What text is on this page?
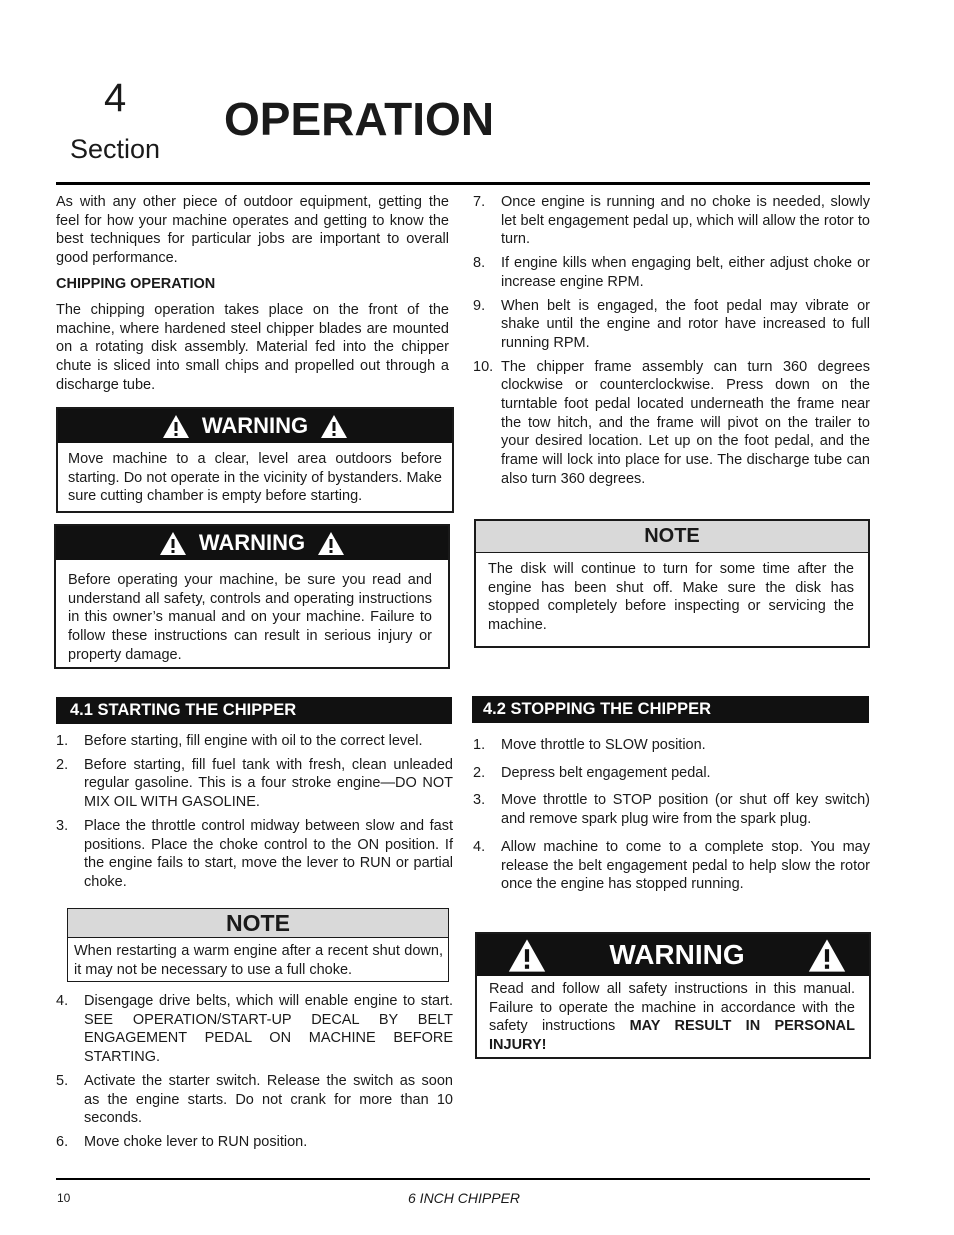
4
Section
OPERATION

As with any other piece of outdoor equipment, getting the feel for how your machine operates and getting to know the best techniques for particular jobs are important to overall good performance.

CHIPPING OPERATION

The chipping operation takes place on the front of the machine, where hardened steel chipper blades are mounted on a rotating disk assembly. Material fed into the chipper chute is sliced into small chips and propelled out through a discharge tube.

WARNING
Move machine to a clear, level area outdoors before starting. Do not operate in the vicinity of bystanders. Make sure cutting chamber is empty before starting.
WARNING
Before operating your machine, be sure you read and understand all safety, controls and operating instructions in this owner’s manual and on your machine. Failure to follow these instructions can result in serious injury or property damage.
7. Once engine is running and no choke is needed, slowly let belt engagement pedal up, which will allow the rotor to turn.
8. If engine kills when engaging belt, either adjust choke or increase engine RPM.
9. When belt is engaged, the foot pedal may vibrate or shake until the engine and rotor have increased to full running RPM.
10. The chipper frame assembly can turn 360 degrees clockwise or counterclockwise. Press down on the turntable foot pedal located underneath the frame near the tow hitch, and the frame will pivot on the trailer to your desired location. Let up on the foot pedal, and the frame will lock into place for use. The discharge tube can also turn 360 degrees.
NOTE
The disk will continue to turn for some time after the engine has been shut off. Make sure the disk has stopped completely before inspecting or servicing the machine.
4.1 STARTING THE CHIPPER
1. Before starting, fill engine with oil to the correct level.
2. Before starting, fill fuel tank with fresh, clean unleaded regular gasoline. This is a four stroke engine—DO NOT MIX OIL WITH GASOLINE.
3. Place the throttle control midway between slow and fast positions. Place the choke control to the ON position. If the engine fails to start, move the lever to RUN or partial choke.
NOTE
When restarting a warm engine after a recent shut down, it may not be necessary to use a full choke.
4. Disengage drive belts, which will enable engine to start. SEE OPERATION/START-UP DECAL BY BELT ENGAGEMENT PEDAL ON MACHINE BEFORE STARTING.
5. Activate the starter switch. Release the switch as soon as the engine starts. Do not crank for more than 10 seconds.
6. Move choke lever to RUN position.
4.2 STOPPING THE CHIPPER
1. Move throttle to SLOW position.
2. Depress belt engagement pedal.
3. Move throttle to STOP position (or shut off key switch) and remove spark plug wire from the spark plug.
4. Allow machine to come to a complete stop. You may release the belt engagement pedal to help slow the rotor once the engine has stopped running.
WARNING
Read and follow all safety instructions in this manual. Failure to operate the machine in accordance with the safety instructions MAY RESULT IN PERSONAL INJURY!
10	6 INCH CHIPPER
